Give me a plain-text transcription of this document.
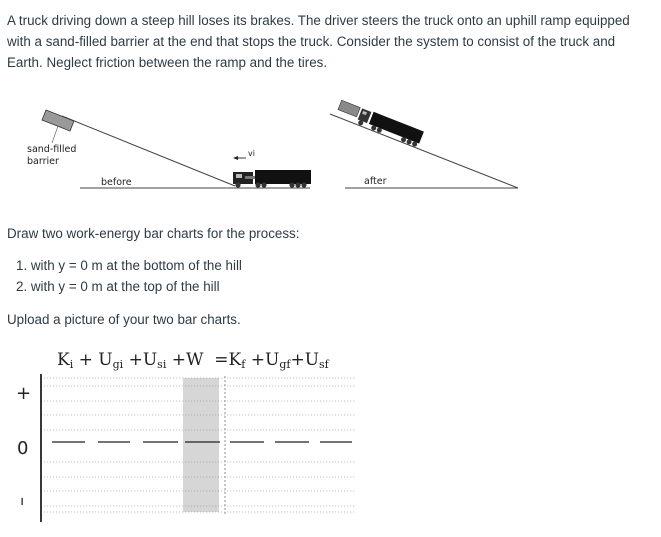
A truck driving down a steep hill loses its brakes. The driver steers the truck onto an uphill ramp equipped with a sand-filled barrier at the end that stops the truck. Consider the system to consist of the truck and Earth. Neglect friction between the ramp and the tires.
sand-filled
barrier
before	after
vi
Draw two work-energy bar charts for the process:
1. with y = 0 m at the bottom of the hill
2. with y = 0 m at the top of the hill
Upload a picture of your two bar charts.
$K_i + U_{gi} +U_{si} +W =K_f +U_{gf}+U_{sf}$
+
0
–
